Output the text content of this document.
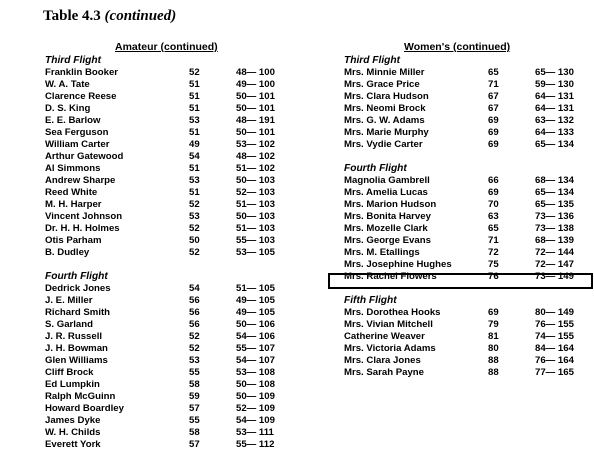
Table 4.3 (continued)
Amateur (continued)	Women's (continued)
Third Flight
Franklin Booker	52	48— 100
W. A. Tate	51	49— 100
Clarence Reese	51	50— 101
D. S. King	51	50— 101
E. E. Barlow	53	48— 191
Sea Ferguson	51	50— 101
William Carter	49	53— 102
Arthur Gatewood	54	48— 102
Al Simmons	51	51— 102
Andrew Sharpe	53	50— 103
Reed White	51	52— 103
M. H. Harper	52	51— 103
Vincent Johnson	53	50— 103
Dr. H. H. Holmes	52	51— 103
Otis Parham	50	55— 103
B. Dudley	52	53— 105
Fourth Flight
Dedrick Jones	54	51— 105
J. E. Miller	56	49— 105
Richard Smith	56	49— 105
S. Garland	56	50— 106
J. R. Russell	52	54— 106
J. H. Bowman	52	55— 107
Glen Williams	53	54— 107
Cliff Brock	55	53— 108
Ed Lumpkin	58	50— 108
Ralph McGuinn	59	50— 109
Howard Boardley	57	52— 109
James Dyke	55	54— 109
W. H. Childs	58	53— 111
Everett York	57	55— 112
Third Flight
Mrs. Minnie Miller	65	65— 130
Mrs. Grace Price	71	59— 130
Mrs. Clara Hudson	67	64— 131
Mrs. Neomi Brock	67	64— 131
Mrs. G. W. Adams	69	63— 132
Mrs. Marie Murphy	69	64— 133
Mrs. Vydie Carter	69	65— 134
Fourth Flight
Magnolia Gambrell	66	68— 134
Mrs. Amelia Lucas	69	65— 134
Mrs. Marion Hudson	70	65— 135
Mrs. Bonita Harvey	63	73— 136
Mrs. Mozelle Clark	65	73— 138
Mrs. George Evans	71	68— 139
Mrs. M. Etallings	72	72— 144
Mrs. Josephine Hughes	75	72— 147
Mrs. Rachel Flowers	76	73— 149
Fifth Flight
Mrs. Dorothea Hooks	69	80— 149
Mrs. Vivian Mitchell	79	76— 155
Catherine Weaver	81	74— 155
Mrs. Victoria Adams	80	84— 164
Mrs. Clara Jones	88	76— 164
Mrs. Sarah Payne	88	77— 165
